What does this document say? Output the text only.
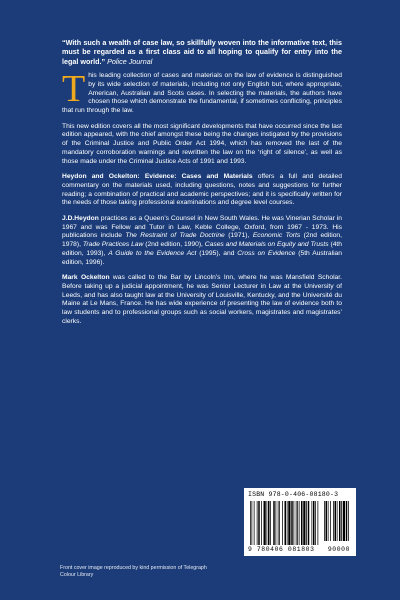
“With such a wealth of case law, so skillfully woven into the informative text, this must be regarded as a first class aid to all hoping to qualify for entry into the legal world.” Police Journal

This leading collection of cases and materials on the law of evidence is distinguished by its wide selection of materials, including not only English but, where appropriate, American, Australian and Scots cases. In selecting the materials, the authors have chosen those which demonstrate the fundamental, if sometimes conflicting, principles that run through the law.

This new edition covers all the most significant developments that have occurred since the last edition appeared, with the chief amongst these being the changes instigated by the provisions of the Criminal Justice and Public Order Act 1994, which has removed the last of the mandatory corroboration warnings and rewritten the law on the ‘right of silence’, as well as those made under the Criminal Justice Acts of 1991 and 1993.

Heydon and Ockelton: Evidence: Cases and Materials offers a full and detailed commentary on the materials used, including questions, notes and suggestions for further reading; a combination of practical and academic perspectives; and it is specifically written for the needs of those taking professional examinations and degree level courses.

J.D.Heydon practices as a Queen’s Counsel in New South Wales. He was Vinerian Scholar in 1967 and was Fellow and Tutor in Law, Keble College, Oxford, from 1967 - 1973. His publications include The Restraint of Trade Doctrine (1971), Economic Torts (2nd edition, 1978), Trade Practices Law (2nd edition, 1990), Cases and Materials on Equity and Trusts (4th edition, 1993), A Guide to the Evidence Act (1995), and Cross on Evidence (5th Australian edition, 1996).

Mark Ockelton was called to the Bar by Lincoln’s Inn, where he was Mansfield Scholar. Before taking up a judicial appointment, he was Senior Lecturer in Law at the University of Leeds, and has also taught law at the University of Louisville, Kentucky, and the Université du Maine at Le Mans, France. He has wide experience of presenting the law of evidence both to law students and to professional groups such as social workers, magistrates and magistrates’ clerks.

ISBN 978-0-406-08180-3
9 780406 081803 90000
Front cover image reproduced by kind permission of Telegraph Colour Library
